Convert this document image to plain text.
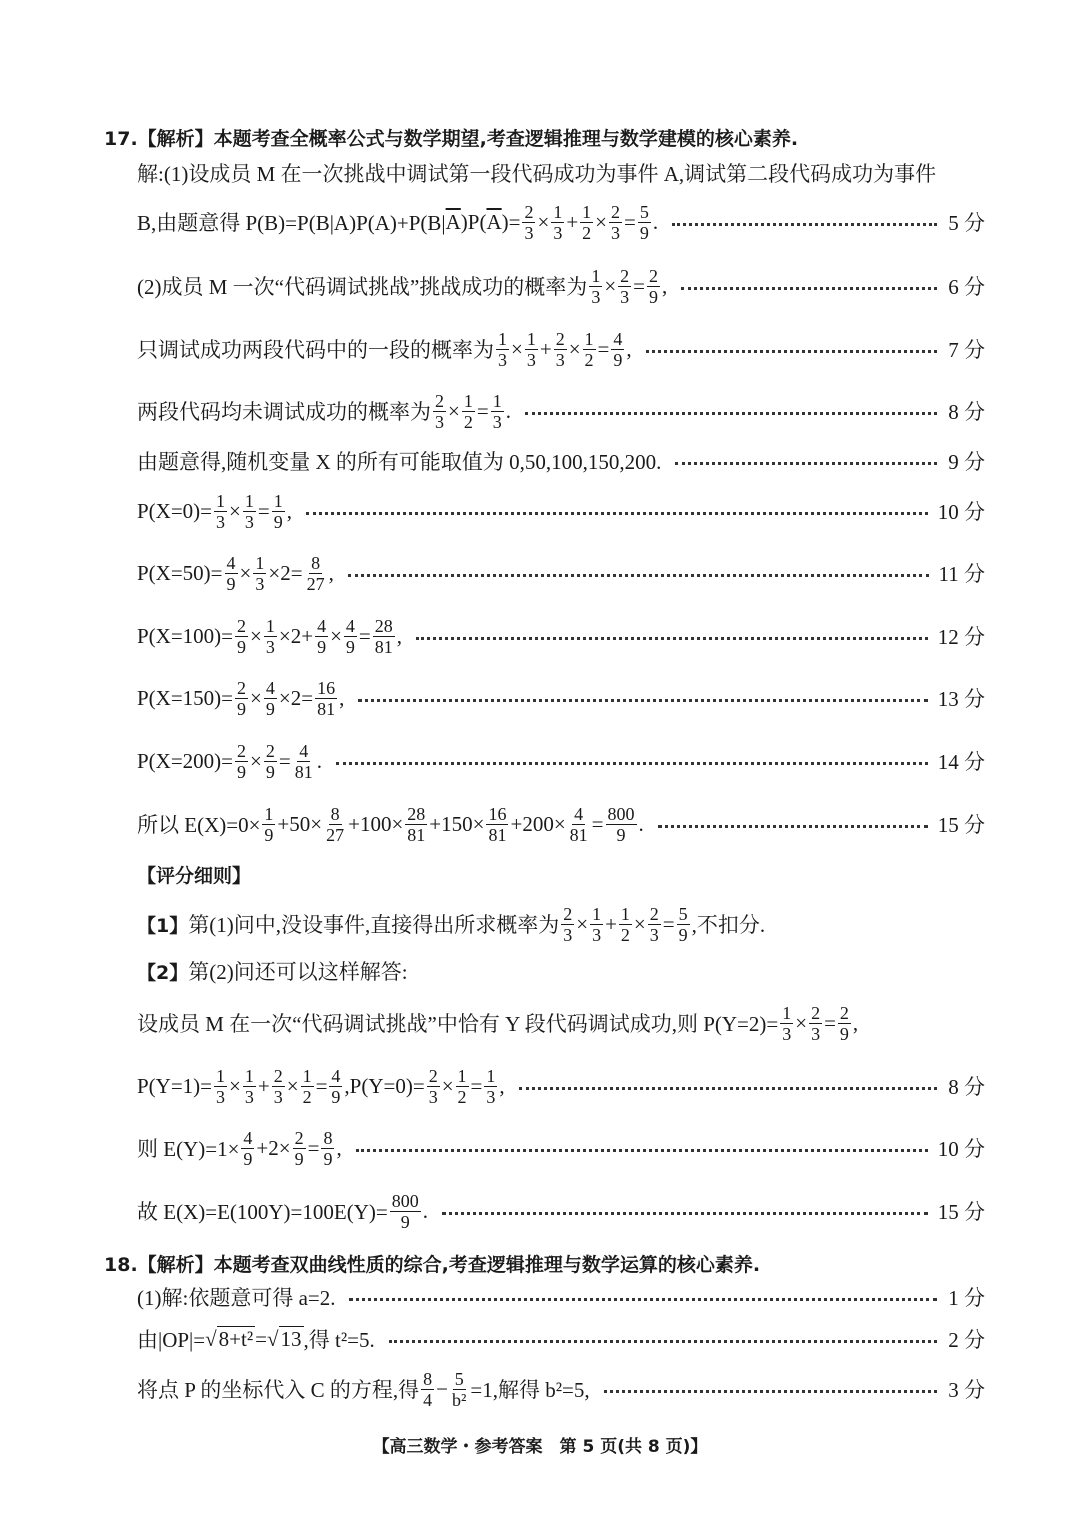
17.【解析】本题考查全概率公式与数学期望,考查逻辑推理与数学建模的核心素养.
解:(1)设成员 M 在一次挑战中调试第一段代码成功为事件 A,调试第二段代码成功为事件
B,由题意得 P(B)=P(B|A)P(A)+P(B| $\overline{A}$ )P( $\overline{A}$ )= $\frac{2}{3} \times \frac{1}{3} + \frac{1}{2} \times \frac{2}{3} = \frac{5}{9}$ .	5 分
(2)成员 M 一次“代码调试挑战”挑战成功的概率为 $\frac{1}{3} \times \frac{2}{3} = \frac{2}{9}$ ,	6 分
只调试成功两段代码中的一段的概率为 $\frac{1}{3} \times \frac{1}{3} + \frac{2}{3} \times \frac{1}{2} = \frac{4}{9}$ ,	7 分
两段代码均未调试成功的概率为 $\frac{2}{3} \times \frac{1}{2} = \frac{1}{3}$ .	8 分
由题意得,随机变量 X 的所有可能取值为 0,50,100,150,200.	9 分
$P(X=0)= \frac{1}{3} \times \frac{1}{3} = \frac{1}{9}$ ,	10 分
$P(X=50)= \frac{4}{9} \times \frac{1}{3} \times 2= \frac{8}{27}$ ,	11 分
$P(X=100)= \frac{2}{9} \times \frac{1}{3} \times 2+ \frac{4}{9} \times \frac{4}{9} = \frac{28}{81}$ ,	12 分
$P(X=150)= \frac{2}{9} \times \frac{4}{9} \times 2= \frac{16}{81}$ ,	13 分
$P(X=200)= \frac{2}{9} \times \frac{2}{9} = \frac{4}{81}$ .	14 分
所以 $E(X)=0\times \frac{1}{9} +50\times \frac{8}{27} +100\times \frac{28}{81} +150\times \frac{16}{81} +200\times \frac{4}{81} = \frac{800}{9}$ .	15 分
【评分细则】
【1】 第(1)问中,没设事件,直接得出所求概率为 $\frac{2}{3} \times \frac{1}{3} + \frac{1}{2} \times \frac{2}{3} = \frac{5}{9}$ ,不扣分.
【2】 第(2)问还可以这样解答:
设成员 M 在一次“代码调试挑战”中恰有 Y 段代码调试成功,则 $P(Y=2)= \frac{1}{3} \times \frac{2}{3} = \frac{2}{9}$ ,
$P(Y=1)= \frac{1}{3} \times \frac{1}{3} + \frac{2}{3} \times \frac{1}{2} = \frac{4}{9} ,P(Y=0)= \frac{2}{3} \times \frac{1}{2} = \frac{1}{3}$ ,	8 分
则 $E(Y)=1\times \frac{4}{9} +2\times \frac{2}{9} = \frac{8}{9}$ ,	10 分
故 $E(X)=E(100Y)=100E(Y)= \frac{800}{9}$ .	15 分
18.【解析】本题考查双曲线性质的综合,考查逻辑推理与数学运算的核心素养.
(1)解:依题意可得 a=2.	1 分
由|OP|= √ 8+t² = √ 13 ,得 t²=5.	2 分
将点 P 的坐标代入 C 的方程,得 $\frac{8}{4} - \frac{5}{\text{b²}} =1$,解得 b²=5,	3 分
【高三数学・参考答案　第 5 页(共 8 页)】
